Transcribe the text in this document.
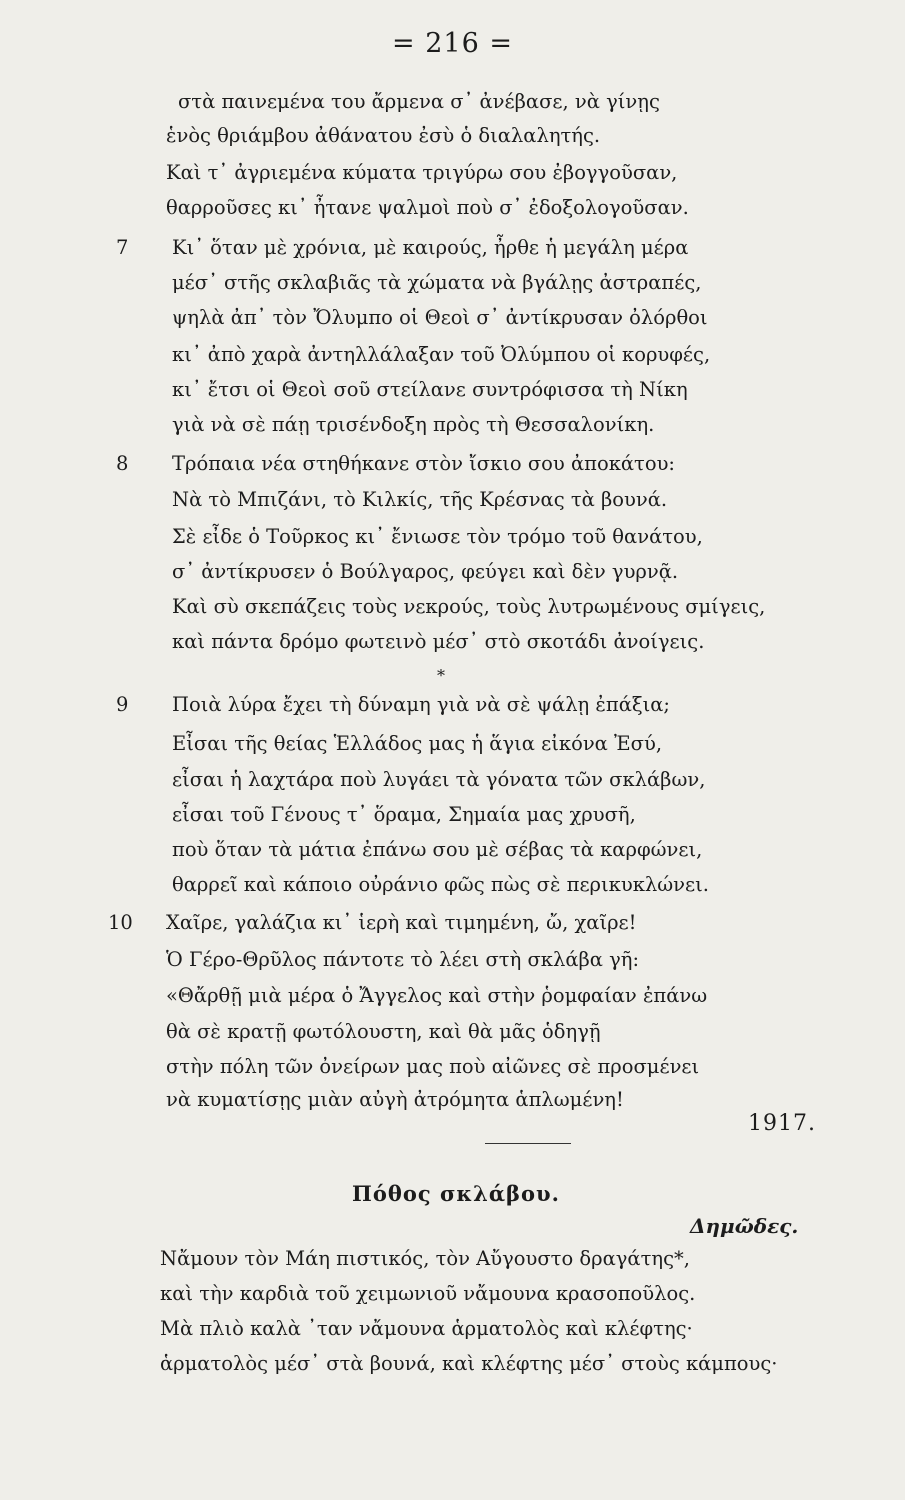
= 216 =
7
8
9
10
στὰ παινεμένα του ἄρμενα σ᾽ ἀνέβασε, νὰ γίνῃς
ἑνὸς θριάμβου ἀθάνατου ἐσὺ ὁ διαλαλητής.
Καὶ τ᾽ ἀγριεμένα κύματα τριγύρω σου ἐβογγοῦσαν,
θαρροῦσες κι᾽ ἦτανε ψαλμοὶ ποὺ σ᾽ ἐδοξολογοῦσαν.
Κι᾽ ὅταν μὲ χρόνια, μὲ καιρούς, ἦρθε ἡ μεγάλη μέρα
μέσ᾽ στῆς σκλαβιᾶς τὰ χώματα νὰ βγάλῃς ἀστραπές,
ψηλὰ ἀπ᾽ τὸν Ὄλυμπο οἱ Θεοὶ σ᾽ ἀντίκρυσαν ὀλόρθοι
κι᾽ ἀπὸ χαρὰ ἀντηλλάλαξαν τοῦ Ὀλύμπου οἱ κορυφές,
κι᾽ ἔτσι οἱ Θεοὶ σοῦ στείλανε συντρόφισσα τὴ Νίκη
γιὰ νὰ σὲ πάῃ τρισένδοξη πρὸς τὴ Θεσσαλονίκη.
Τρόπαια νέα στηθήκανε στὸν ἴσκιο σου ἀποκάτου:
Νὰ τὸ Μπιζάνι, τὸ Κιλκίς, τῆς Κρέσνας τὰ βουνά.
Σὲ εἶδε ὁ Τοῦρκος κι᾽ ἔνιωσε τὸν τρόμο τοῦ θανάτου,
σ᾽ ἀντίκρυσεν ὁ Βούλγαρος, φεύγει καὶ δὲν γυρνᾷ.
Καὶ σὺ σκεπάζεις τοὺς νεκρούς, τοὺς λυτρωμένους σμίγεις,
καὶ πάντα δρόμο φωτεινὸ μέσ᾽ στὸ σκοτάδι ἀνοίγεις.
*
Ποιὰ λύρα ἔχει τὴ δύναμη γιὰ νὰ σὲ ψάλῃ ἐπάξια;
Εἶσαι τῆς θείας Ἑλλάδος μας ἡ ἅγια εἰκόνα Ἐσύ,
εἶσαι ἡ λαχτάρα ποὺ λυγάει τὰ γόνατα τῶν σκλάβων,
εἶσαι τοῦ Γένους τ᾽ ὅραμα, Σημαία μας χρυσῆ,
ποὺ ὅταν τὰ μάτια ἐπάνω σου μὲ σέβας τὰ καρφώνει,
θαρρεῖ καὶ κάποιο οὐράνιο φῶς πὼς σὲ περικυκλώνει.
Χαῖρε, γαλάζια κι᾽ ἱερὴ καὶ τιμημένη, ὤ, χαῖρε!
Ὁ Γέρο-Θρῦλος πάντοτε τὸ λέει στὴ σκλάβα γῆ:
«Θἄρθῇ μιὰ μέρα ὁ Ἄγγελος καὶ στὴν ῥομφαίαν ἐπάνω
θὰ σὲ κρατῇ φωτόλουστη, καὶ θὰ μᾶς ὁδηγῇ
στὴν πόλη τῶν ὀνείρων μας ποὺ αἰῶνες σὲ προσμένει
νὰ κυματίσῃς μιὰν αὐγὴ ἀτρόμητα ἁπλωμένη!
1917.
Πόθος σκλάβου.
Δημῶδες.
Νἄμουν τὸν Μάη πιστικός, τὸν Αὔγουστο δραγάτης*,
καὶ τὴν καρδιὰ τοῦ χειμωνιοῦ νἄμουνα κρασοποῦλος.
Μὰ πλιὸ καλὰ ᾽ταν νἄμουνα ἁρματολὸς καὶ κλέφτης·
ἁρματολὸς μέσ᾽ στὰ βουνά, καὶ κλέφτης μέσ᾽ στοὺς κάμπους·
